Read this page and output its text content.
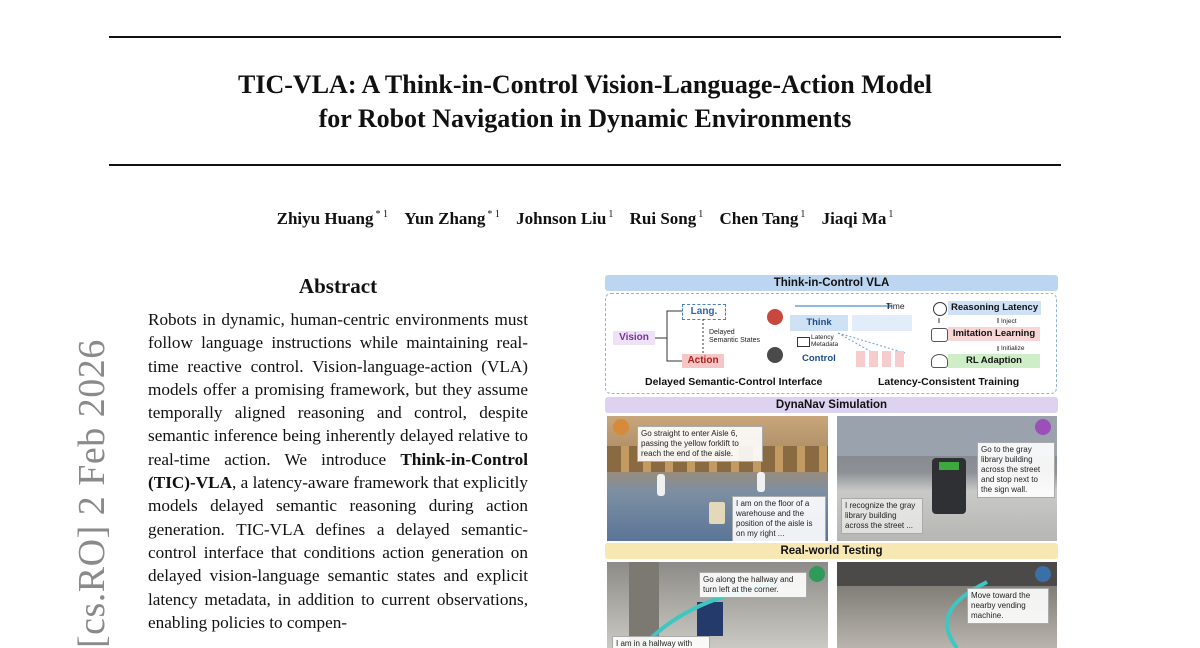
TIC-VLA: A Think-in-Control Vision-Language-Action Model
for Robot Navigation in Dynamic Environments
Zhiyu Huang $^{* 1}$ Yun Zhang $^{* 1}$ Johnson Liu $^1$ Rui Song $^1$ Chen Tang $^1$ Jiaqi Ma $^1$
[cs.RO] 2 Feb 2026
Abstract
Robots in dynamic, human-centric environments must follow language instructions while maintaining real-time reactive control. Vision-language-action (VLA) models offer a promising framework, but they assume temporally aligned reasoning and control, despite semantic inference being inherently delayed relative to real-time action. We introduce Think-in-Control (TIC)-VLA, a latency-aware framework that explicitly models delayed semantic reasoning during action generation. TIC-VLA defines a delayed semantic-control interface that conditions action generation on delayed vision-language semantic states and explicit latency metadata, in addition to current observations, enabling policies to compen-
Think-in-Control VLA
Lang.
Vision
Action
Delayed
Semantic States
Think
Latency
Metadata
Control
Time	Reasoning Latency
Inject
Imitation Learning
Initialize
RL Adaption
Delayed Semantic-Control Interface	Latency-Consistent Training
DynaNav Simulation
Go straight to enter Aisle 6, passing the yellow forklift to reach the end of the aisle.
I am on the floor of a warehouse and the position of the aisle is on my right ...
Go to the gray library building across the street and stop next to the sign wall.
I recognize the gray library building across the street ...
Real-world Testing
Go along the hallway and turn left at the corner.
I am in a hallway with
Move toward the nearby vending machine.
